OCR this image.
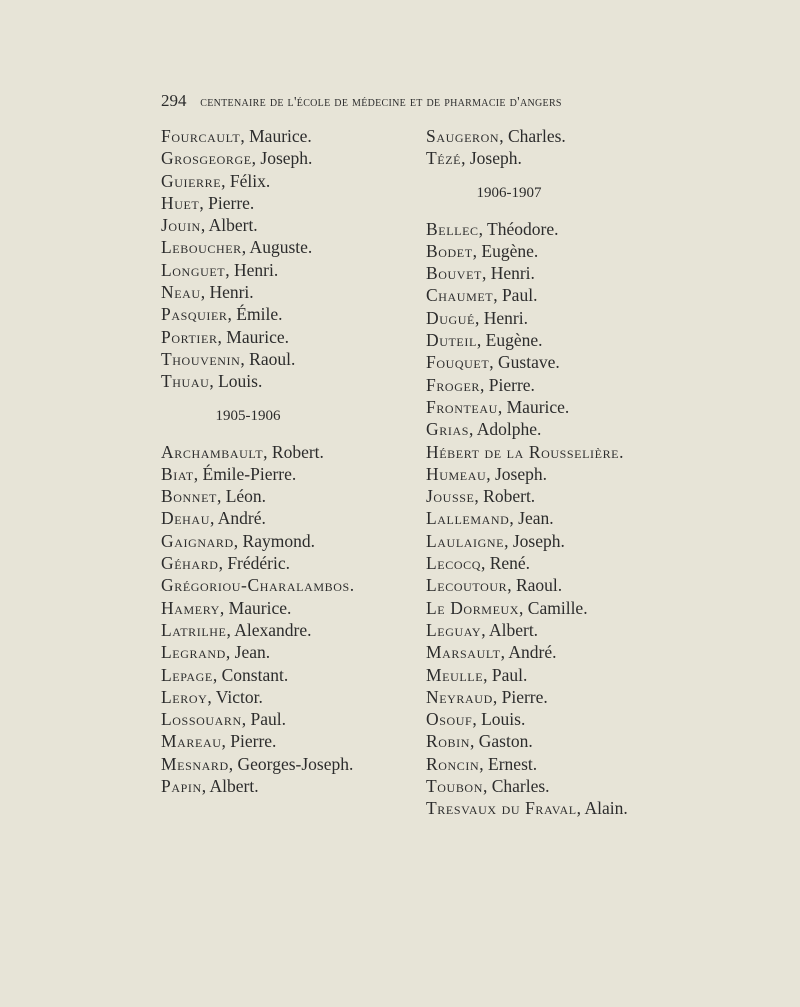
294 centenaire de l'école de médecine et de pharmacie d'angers
Fourcault, Maurice.
Grosgeorge, Joseph.
Guierre, Félix.
Huet, Pierre.
Jouin, Albert.
Leboucher, Auguste.
Longuet, Henri.
Neau, Henri.
Pasquier, Émile.
Portier, Maurice.
Thouvenin, Raoul.
Thuau, Louis.
1905-1906
Archambault, Robert.
Biat, Émile-Pierre.
Bonnet, Léon.
Dehau, André.
Gaignard, Raymond.
Géhard, Frédéric.
Grégoriou-Charalambos.
Hamery, Maurice.
Latrilhe, Alexandre.
Legrand, Jean.
Lepage, Constant.
Leroy, Victor.
Lossouarn, Paul.
Mareau, Pierre.
Mesnard, Georges-Joseph.
Papin, Albert.
Saugeron, Charles.
Tézé, Joseph.
1906-1907
Bellec, Théodore.
Bodet, Eugène.
Bouvet, Henri.
Chaumet, Paul.
Dugué, Henri.
Duteil, Eugène.
Fouquet, Gustave.
Froger, Pierre.
Fronteau, Maurice.
Grias, Adolphe.
Hébert de la Rousselière.
Humeau, Joseph.
Jousse, Robert.
Lallemand, Jean.
Laulaigne, Joseph.
Lecocq, René.
Lecoutour, Raoul.
Le Dormeux, Camille.
Leguay, Albert.
Marsault, André.
Meulle, Paul.
Neyraud, Pierre.
Osouf, Louis.
Robin, Gaston.
Roncin, Ernest.
Toubon, Charles.
Tresvaux du Fraval, Alain.
